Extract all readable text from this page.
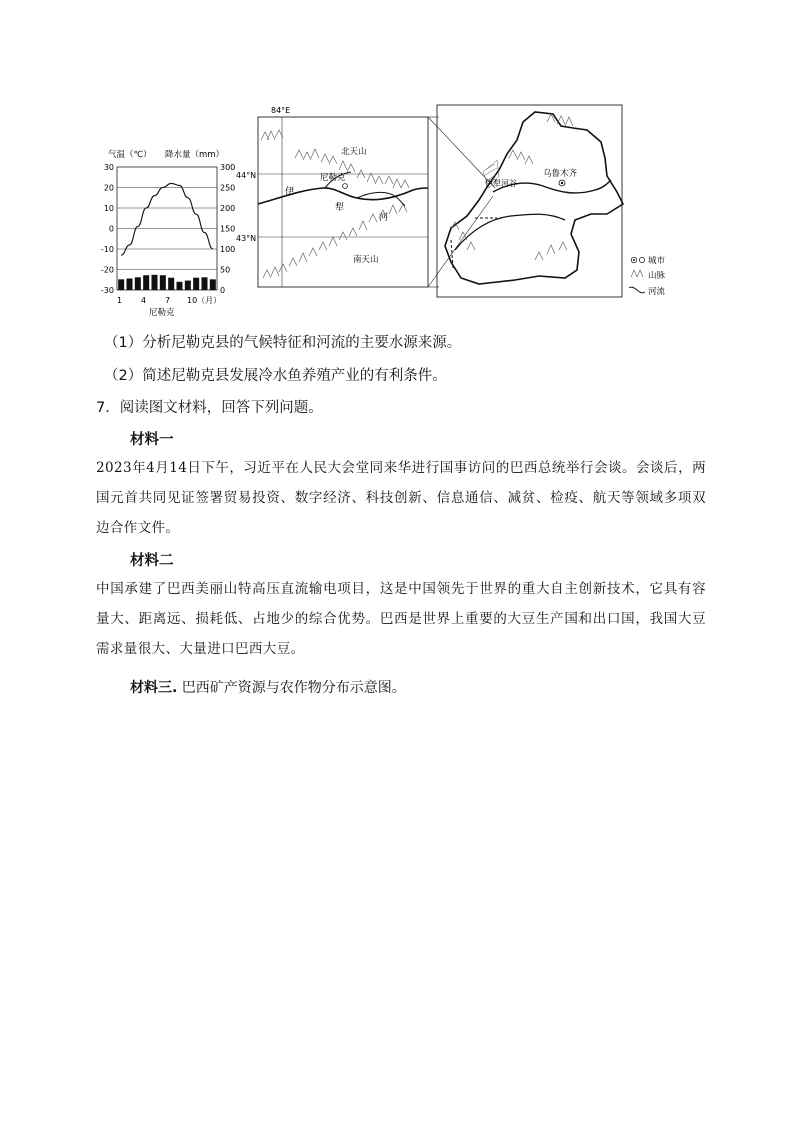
气温（℃） 降水量（mm）
30
20
10
0
-10
-20
-30
300
250
200
150
100
50
0
1 4 7 10（月）
尼勒克
84°E
44°N
43°N
尼勒克
北天山
南天山
伊
犁
河
乌鲁木齐
伊犁河谷
城市
山脉
河流
（1）分析尼勒克县的气候特征和河流的主要水源来源。
（2）简述尼勒克县发展冷水鱼养殖产业的有利条件。
7．阅读图文材料，回答下列问题。
材料一
2023年4月14日下午，习近平在人民大会堂同来华进行国事访问的巴西总统举行会谈。会谈后，两国元首共同见证签署贸易投资、数字经济、科技创新、信息通信、减贫、检疫、航天等领域多项双边合作文件。
材料二
中国承建了巴西美丽山特高压直流输电项目，这是中国领先于世界的重大自主创新技术，它具有容量大、距离远、损耗低、占地少的综合优势。巴西是世界上重要的大豆生产国和出口国，我国大豆需求量很大、大量进口巴西大豆。
材料三. 巴西矿产资源与农作物分布示意图。
